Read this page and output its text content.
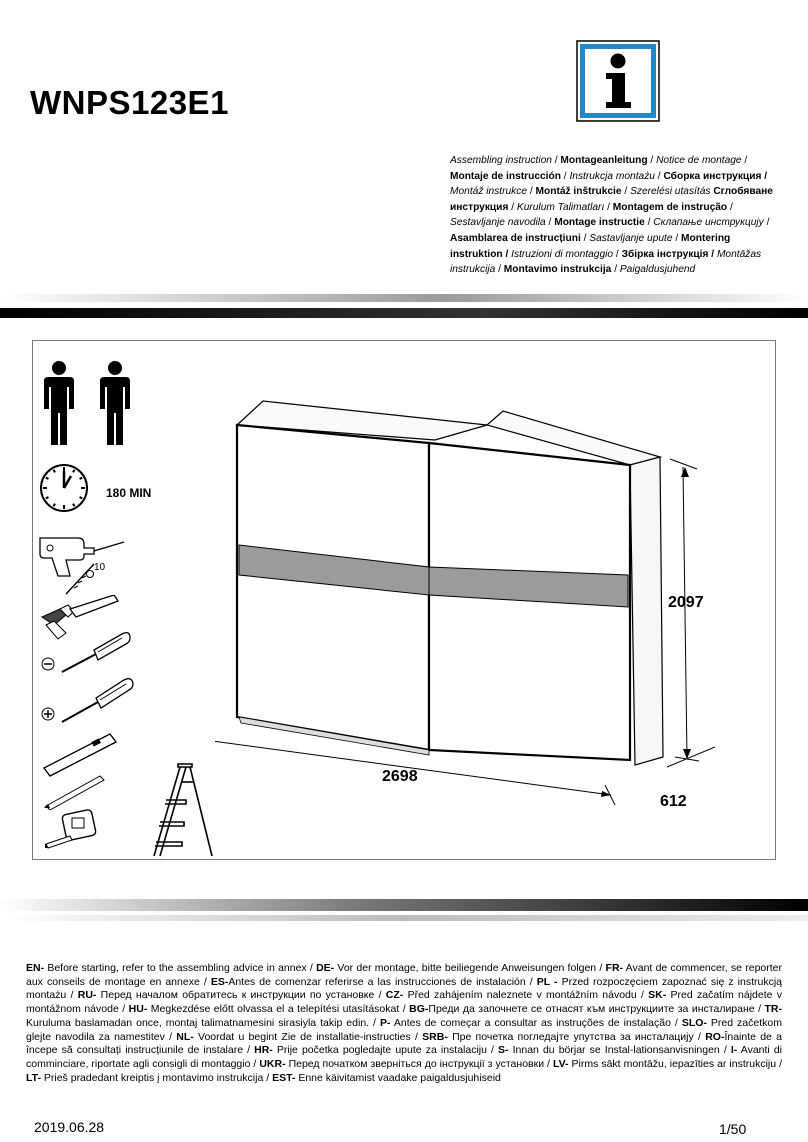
WNPS123E1
Assembling instruction / Montageanleitung / Notice de montage / Montaje de instrucción / Instrukcja montażu / Сборка инструкция / Montáž instrukce / Montáž inštrukcie / Szerelési utasítás Сглобяване инструкция / Kurulum Talimatları / Montagem de instrução / Sestavljanje navodila / Montage instructie / Склапање инструкцију / Asamblarea de instrucțiuni / Sastavljanje upute / Montering instruktion / Istruzioni di montaggio / Збірка інструкція / Montāžas instrukcija / Montavimo instrukcija / Paigaldusjuhend
180 MIN
10
2097
2698
612
EN- Before starting, refer to the assembling advice in annex / DE- Vor der montage, bitte beiliegende Anweisungen folgen / FR- Avant de commencer, se reporter aux conseils de montage en annexe / ES-Antes de comenzar referirse a las instrucciones de instalación / PL - Przed rozpoczęciem zapoznać się z instrukcją montażu / RU- Перед началом обратитесь к инструкции по установке / CZ- Před zahájením naleznete v montážním návodu / SK- Pred začatím nájdete v montážnom návode / HU- Megkezdése előtt olvassa el a telepítési utasításokat / BG-Преди да започнете се отнасят към инструкциите за инсталиране / TR- Kuruluma baslamadan once, montaj talimatnamesini sirasiyla takip edin. / P- Antes de começar a consultar as instruções de instalação / SLO- Pred začetkom glejte navodila za namestitev / NL- Voordat u begint Zie de installatie-instructies / SRB- Пре почетка погледајте упутства за инсталацију / RO-Înainte de a începe să consultați instrucțiunile de instalare / HR- Prije početka pogledajte upute za instalaciju / S- Innan du börjar se Instal-lationsanvisningen / I- Avanti di comminciare, riportate agli consigli di montaggio / UKR- Перед початком зверніться до інструкції з установки / LV- Pirms sākt montāžu, iepazīties ar instrukciju / LT- Prieš pradedant kreiptis į montavimo instrukcija / EST- Enne käivitamist vaadake paigaldusjuhiseid
2019.06.28	1/50
